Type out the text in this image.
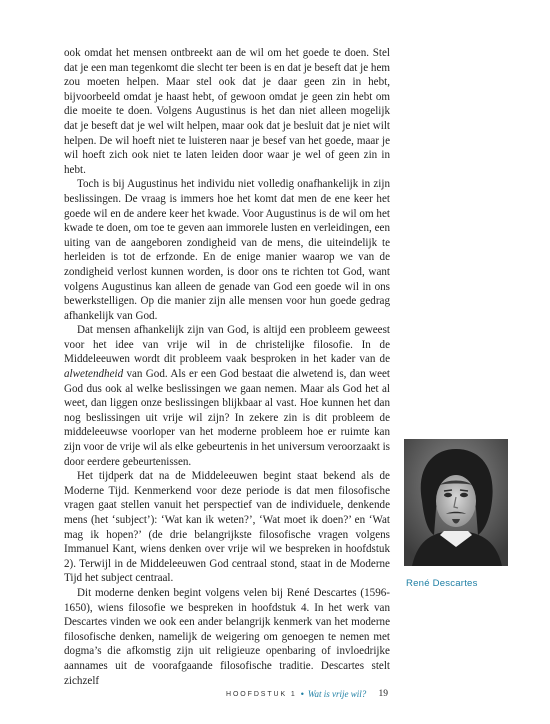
ook omdat het mensen ontbreekt aan de wil om het goede te doen. Stel dat je een man tegenkomt die slecht ter been is en dat je beseft dat je hem zou moeten helpen. Maar stel ook dat je daar geen zin in hebt, bijvoorbeeld omdat je haast hebt, of gewoon omdat je geen zin hebt om die moeite te doen. Volgens Augustinus is het dan niet alleen mogelijk dat je beseft dat je wel wilt helpen, maar ook dat je besluit dat je niet wilt helpen. De wil hoeft niet te luisteren naar je besef van het goede, maar je wil hoeft zich ook niet te laten leiden door waar je wel of geen zin in hebt.

Toch is bij Augustinus het individu niet volledig onafhankelijk in zijn beslissingen. De vraag is immers hoe het komt dat men de ene keer het goede wil en de andere keer het kwade. Voor Augustinus is de wil om het kwade te doen, om toe te geven aan immorele lusten en verleidingen, een uiting van de aangeboren zondigheid van de mens, die uiteindelijk te herleiden is tot de erfzonde. En de enige manier waarop we van de zondigheid verlost kunnen worden, is door ons te richten tot God, want volgens Augustinus kan alleen de genade van God een goede wil in ons bewerkstelligen. Op die manier zijn alle mensen voor hun goede gedrag afhankelijk van God.

Dat mensen afhankelijk zijn van God, is altijd een probleem geweest voor het idee van vrije wil in de christelijke filosofie. In de Middeleeuwen wordt dit probleem vaak besproken in het kader van de alwetendheid van God. Als er een God bestaat die alwetend is, dan weet God dus ook al welke beslissingen we gaan nemen. Maar als God het al weet, dan liggen onze beslissingen blijkbaar al vast. Hoe kunnen het dan nog beslissingen uit vrije wil zijn? In zekere zin is dit probleem de middeleeuwse voorloper van het moderne probleem hoe er ruimte kan zijn voor de vrije wil als elke gebeurtenis in het universum veroorzaakt is door eerdere gebeurtenissen.

Het tijdperk dat na de Middeleeuwen begint staat bekend als de Moderne Tijd. Kenmerkend voor deze periode is dat men filosofische vragen gaat stellen vanuit het perspectief van de individuele, denkende mens (het ‘subject’): ‘Wat kan ik weten?’, ‘Wat moet ik doen?’ en ‘Wat mag ik hopen?’ (de drie belangrijkste filosofische vragen volgens Immanuel Kant, wiens denken over vrije wil we bespreken in hoofdstuk 2). Terwijl in de Middeleeuwen God centraal stond, staat in de Moderne Tijd het subject centraal.

Dit moderne denken begint volgens velen bij René Descartes (1596-1650), wiens filosofie we bespreken in hoofdstuk 4. In het werk van Descartes vinden we ook een ander belangrijk kenmerk van het moderne filosofische denken, namelijk de weigering om genoegen te nemen met dogma’s die afkomstig zijn uit religieuze openbaring of invloedrijke aannames uit de voorafgaande filosofische traditie. Descartes stelt zichzelf

René Descartes
HOOFDSTUK 1 • Wat is vrije wil? 19
